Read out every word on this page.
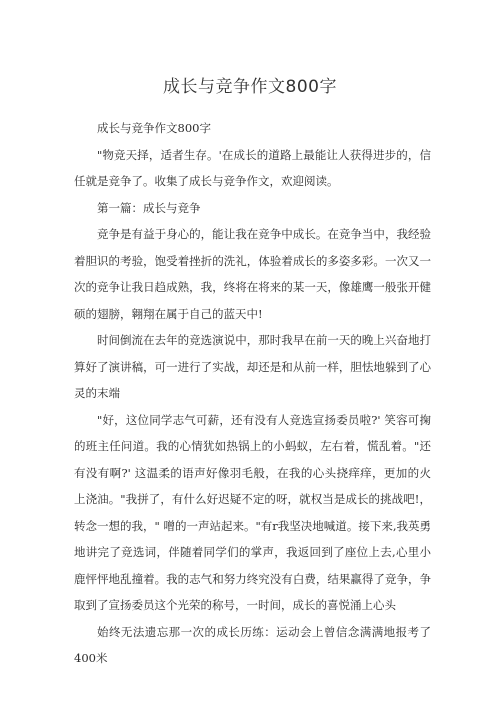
成长与竞争作文800字

成长与竞争作文800字

"物竞天择，适者生存。'在成长的道路上最能让人获得进步的，信任就是竞争了。收集了成长与竞争作文，欢迎阅读。

第一篇：成长与竞争

竞争是有益于身心的，能让我在竞争中成长。在竞争当中，我经验着胆识的考验，饱受着挫折的洗礼，体验着成长的多姿多彩。一次又一次的竞争让我日趋成熟，我，终将在将来的某一天，像雄鹰一般张开健硕的翅膀，翱翔在属于自己的蓝天中!

时间倒流在去年的竞选演说中，那时我早在前一天的晚上兴奋地打算好了演讲稿，可一进行了实战，却还是和从前一样，胆怯地躲到了心灵的末端

"好，这位同学志气可薪，还有没有人竞选宣扬委员啦?' 笑容可掬的班主任问道。我的心情犹如热锅上的小蚂蚁，左右着，慌乱着。"还有没有啊?' 这温柔的语声好像羽毛般，在我的心头挠痒痒，更加的火上浇油。"我拼了，有什么好迟疑不定的呀，就权当是成长的挑战吧!，转念一想的我，" 噌的一声站起来。"有r我坚决地喊道。接下来,我英勇地讲完了竞选词，伴随着同学们的掌声，我返回到了座位上去,心里小鹿怦怦地乱撞着。我的志气和努力终究没有白费，结果赢得了竞争，争取到了宣扬委员这个光荣的称号，一时间，成长的喜悦涌上心头

始终无法遗忘那一次的成长历练：运动会上曾信念满满地报考了400米
